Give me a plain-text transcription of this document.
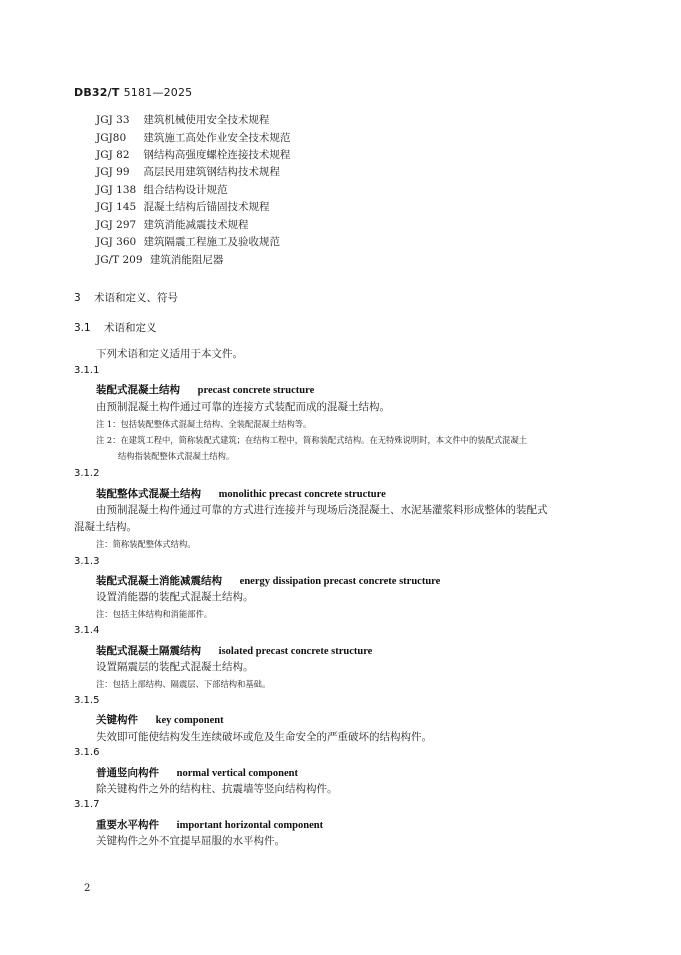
DB32/T 5181—2025
JGJ 33 建筑机械使用安全技术规程
JGJ80 建筑施工高处作业安全技术规范
JGJ 82 钢结构高强度螺栓连接技术规程
JGJ 99 高层民用建筑钢结构技术规程
JGJ 138 组合结构设计规范
JGJ 145 混凝土结构后锚固技术规程
JGJ 297 建筑消能减震技术规程
JGJ 360 建筑隔震工程施工及验收规范
JG/T 209 建筑消能阻尼器
3 术语和定义、符号
3.1 术语和定义
下列术语和定义适用于本文件。
3.1.1
装配式混凝土结构 precast concrete structure
由预制混凝土构件通过可靠的连接方式装配而成的混凝土结构。
注 1：包括装配整体式混凝土结构、全装配混凝土结构等。
注 2：在建筑工程中，简称装配式建筑；在结构工程中，简称装配式结构。在无特殊说明时，本文件中的装配式混凝土
结构指装配整体式混凝土结构。
3.1.2
装配整体式混凝土结构 monolithic precast concrete structure
由预制混凝土构件通过可靠的方式进行连接并与现场后浇混凝土、水泥基灌浆料形成整体的装配式
混凝土结构。
注：简称装配整体式结构。
3.1.3
装配式混凝土消能减震结构 energy dissipation precast concrete structure
设置消能器的装配式混凝土结构。
注：包括主体结构和消能部件。
3.1.4
装配式混凝土隔震结构 isolated precast concrete structure
设置隔震层的装配式混凝土结构。
注：包括上部结构、隔震层、下部结构和基础。
3.1.5
关键构件 key component
失效即可能使结构发生连续破坏或危及生命安全的严重破坏的结构构件。
3.1.6
普通竖向构件 normal vertical component
除关键构件之外的结构柱、抗震墙等竖向结构构件。
3.1.7
重要水平构件 important horizontal component
关键构件之外不宜提早屈服的水平构件。
2
